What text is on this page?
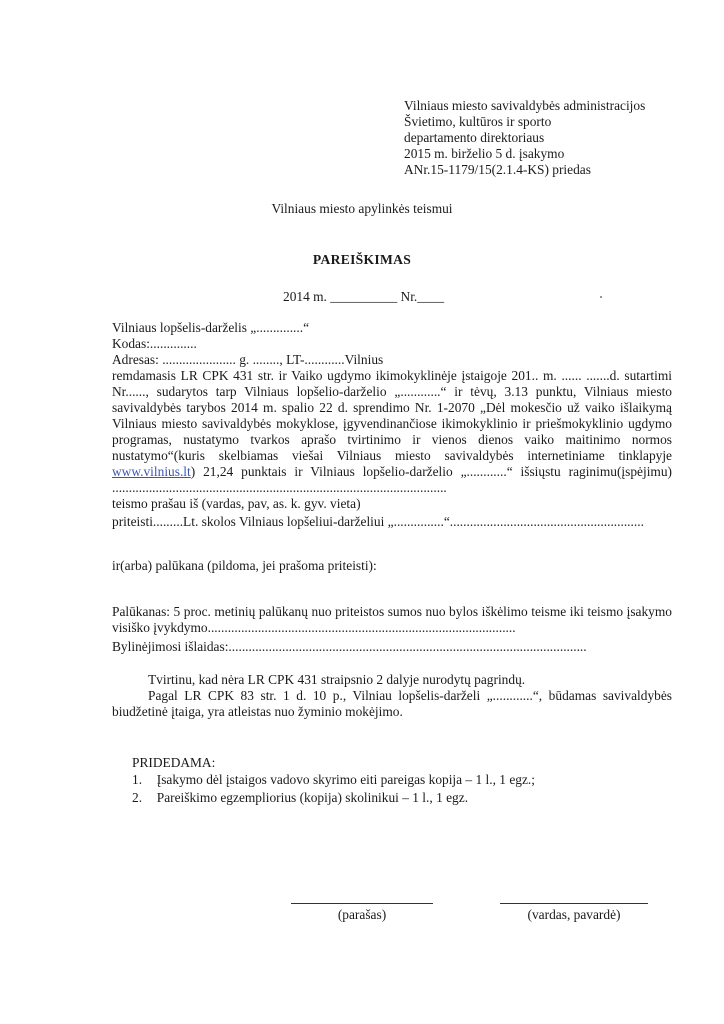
Vilniaus miesto savivaldybės administracijos
Švietimo, kultūros ir sporto
departamento direktoriaus
2015 m. birželio 5 d. įsakymo
ANr.15-1179/15(2.1.4-KS) priedas
Vilniaus miesto apylinkės teismui
PAREIŠKIMAS
2014 m. __________ Nr.____
Vilniaus lopšelis-darželis „..............“
Kodas:..............
Adresas: ...................... g. ........, LT-............Vilnius
remdamasis LR CPK 431 str. ir Vaiko ugdymo ikimokyklinėje įstaigoje 201.. m. ...... .......d. sutartimi Nr......, sudarytos tarp Vilniaus lopšelio-darželio „............“ ir tėvų, 3.13 punktu, Vilniaus miesto savivaldybės tarybos 2014 m. spalio 22 d. sprendimo Nr. 1-2070 „Dėl mokesčio už vaiko išlaikymą Vilniaus miesto savivaldybės mokyklose, įgyvendinančiose ikimokyklinio ir priešmokyklinio ugdymo programas, nustatymo tvarkos aprašo tvirtinimo ir vienos dienos vaiko maitinimo normos nustatymo“(kuris skelbiamas viešai Vilniaus miesto savivaldybės internetiniame tinklapyje www.vilnius.lt) 21,24 punktais ir Vilniaus lopšelio-darželio „............“ išsiųstu raginimu(įspėjimu) ....................................................................................................
teismo prašau iš (vardas, pav, as. k. gyv. vieta)
priteisti.........Lt. skolos Vilniaus lopšeliui-darželiui „...............“..........................................................
ir(arba) palūkana (pildoma, jei prašoma priteisti):
Palūkanas: 5 proc. metinių palūkanų nuo priteistos sumos nuo bylos iškėlimo teisme iki teismo įsakymo visiško įvykdymo............................................................................................
Bylinėjimosi išlaidas:...........................................................................................................
Tvirtinu, kad nėra LR CPK 431 straipsnio 2 dalyje nurodytų pagrindų.
Pagal LR CPK 83 str. 1 d. 10 p., Vilniau lopšelis-darželi „............“, būdamas savivaldybės biudžetinė įtaiga, yra atleistas nuo žyminio mokėjimo.
PRIDEDAMA:
1. Įsakymo dėl įstaigos vadovo skyrimo eiti pareigas kopija – 1 l., 1 egz.;
2. Pareiškimo egzempliorius (kopija) skolinikui – 1 l., 1 egz.
(parašas)	(vardas, pavardė)
